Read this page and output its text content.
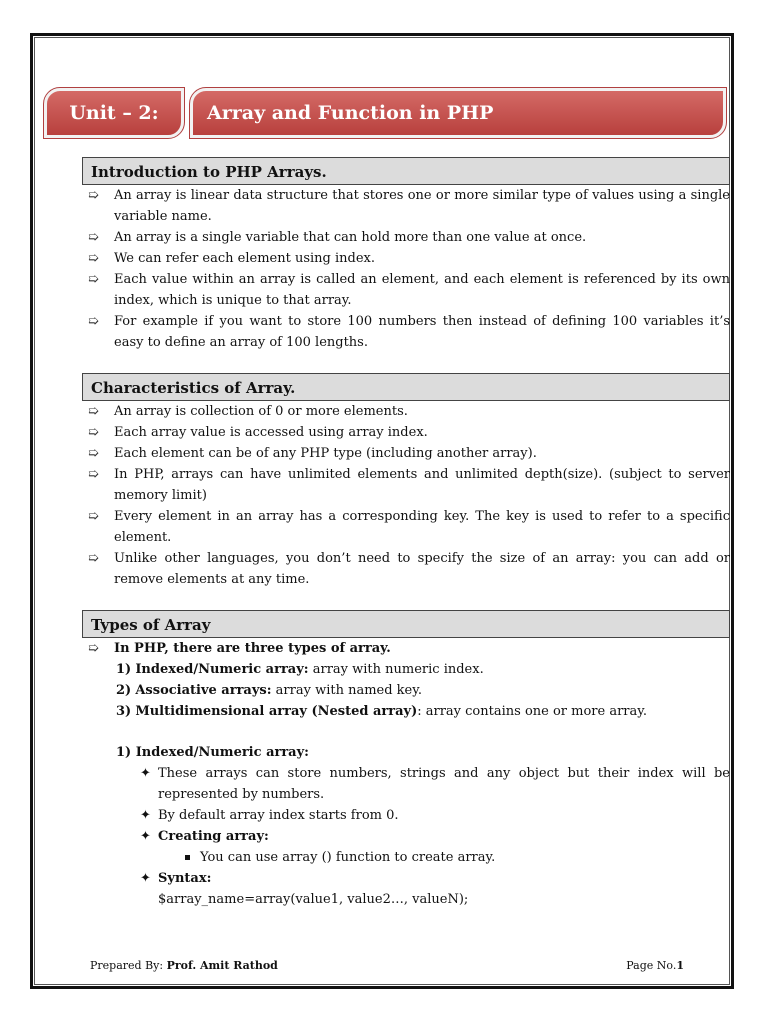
Unit – 2:	Array and Function in PHP
Introduction to PHP Arrays.
➯ An array is linear data structure that stores one or more similar type of values using a single variable name.
➯ An array is a single variable that can hold more than one value at once.
➯ We can refer each element using index.
➯ Each value within an array is called an element, and each element is referenced by its own index, which is unique to that array.
➯ For example if you want to store 100 numbers then instead of defining 100 variables it’s easy to define an array of 100 lengths.
Characteristics of Array.
➯ An array is collection of 0 or more elements.
➯ Each array value is accessed using array index.
➯ Each element can be of any PHP type (including another array).
➯ In PHP, arrays can have unlimited elements and unlimited depth(size). (subject to server memory limit)
➯ Every element in an array has a corresponding key. The key is used to refer to a specific element.
➯ Unlike other languages, you don’t need to specify the size of an array: you can add or remove elements at any time.
Types of Array
➯ In PHP, there are three types of array.
1) Indexed/Numeric array: array with numeric index.
2) Associative arrays: array with named key.
3) Multidimensional array (Nested array): array contains one or more array.
1) Indexed/Numeric array:
✦ These arrays can store numbers, strings and any object but their index will be represented by numbers.
✦ By default array index starts from 0.
✦ Creating array:
You can use array () function to create array.
✦ Syntax:
$array_name=array(value1, value2…, valueN);
Prepared By: Prof. Amit Rathod	Page No.1
